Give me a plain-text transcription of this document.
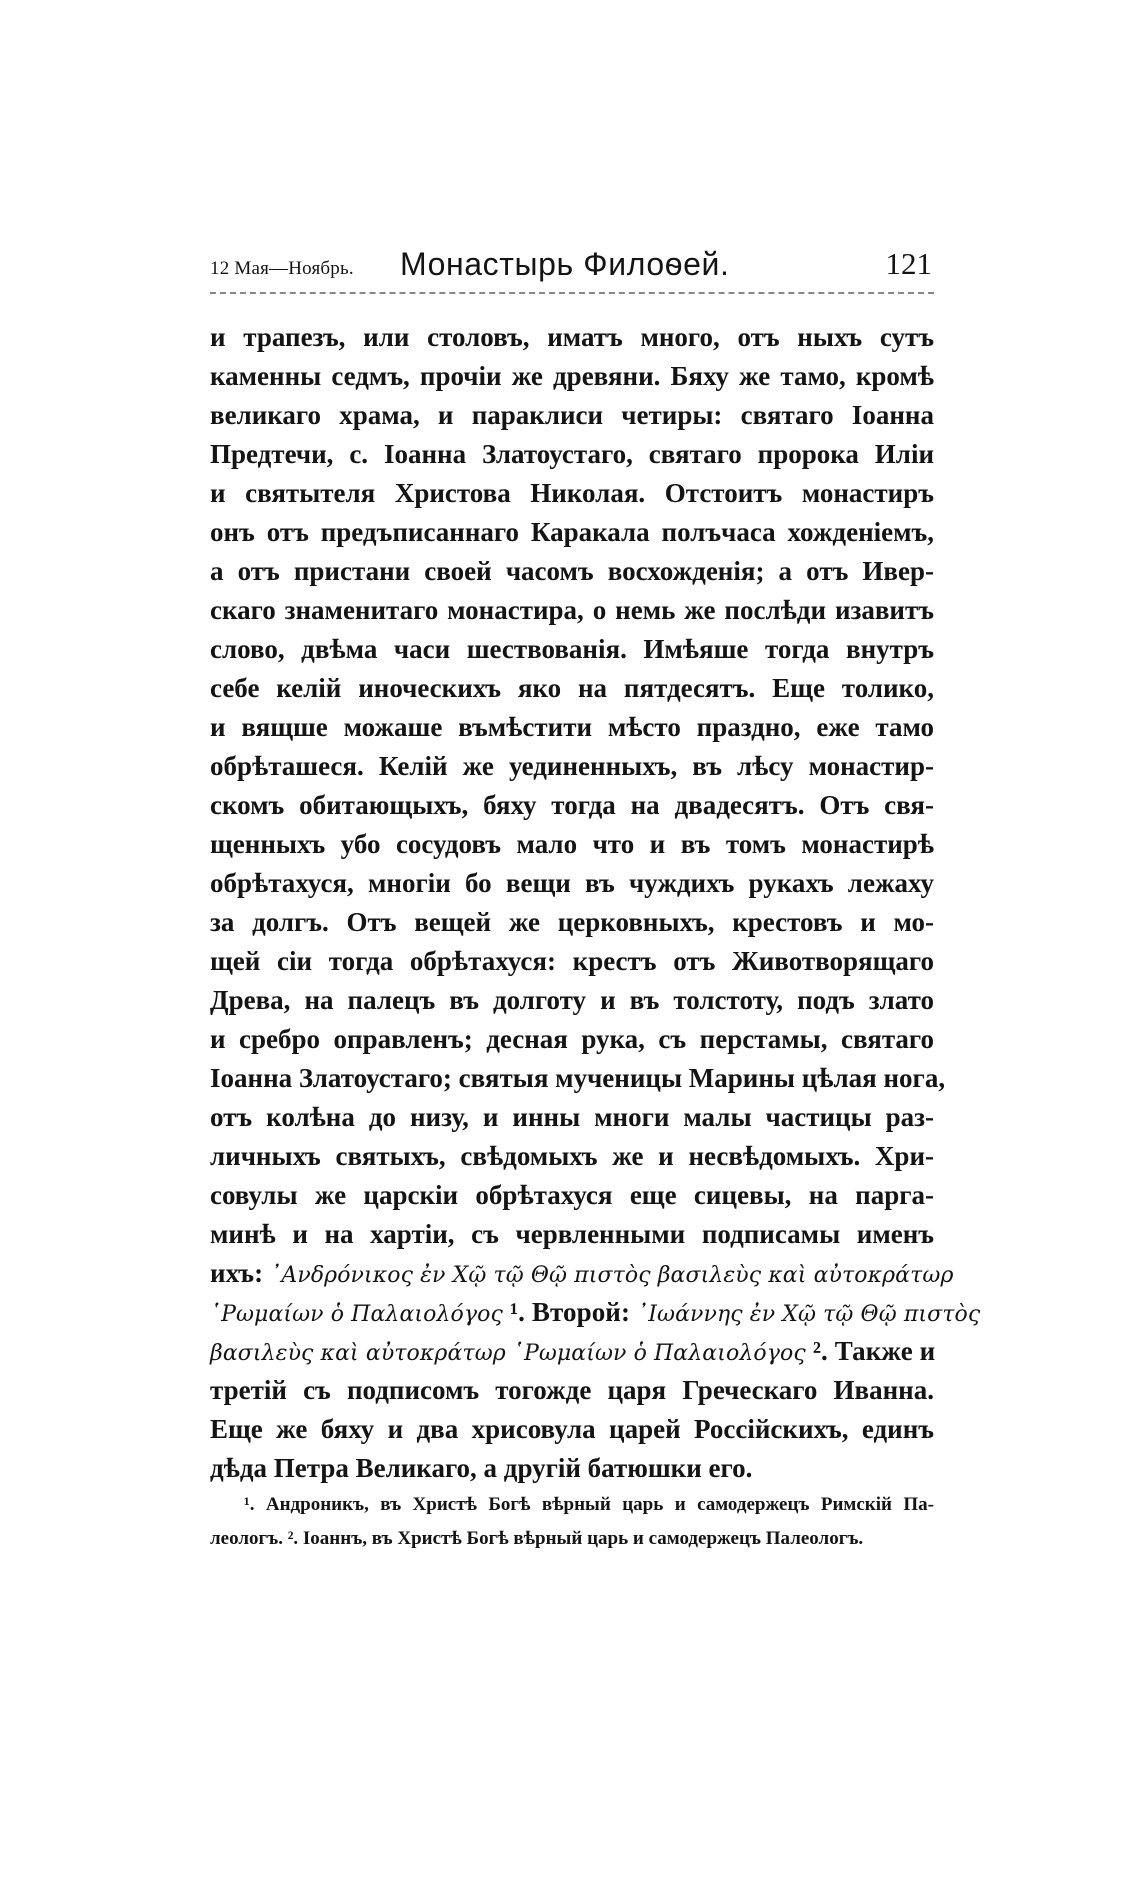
12 Мая—Ноябрь. Монастырь Филоѳей.	121
и трапезъ, или столовъ, иматъ много, отъ ныхъ сутъ
каменны седмъ, прочiи же древяни. Бяху же тамо, кромѣ
великаго храма, и параклиси четиры: святаго Iоанна
Предтечи, с. Iоанна Златоустаго, святаго пророка Илiи
и святытеля Христова Николая. Отстоитъ монастиръ
онъ отъ предъписаннаго Каракала полъчаса хожденiемъ,
а отъ пристани своей часомъ восхожденiя; а отъ Ивер-
скаго знаменитаго монастира, о немь же послѣди изавитъ
слово, двѣма часи шествованiя. Имѣяше тогда внутръ
себе келiй иноческихъ яко на пятдесятъ. Еще толико,
и вящше можаше въмѣстити мѣсто праздно, еже тамо
обрѣташеся. Келiй же уединенныхъ, въ лѣсу монастир-
скомъ обитающыхъ, бяху тогда на двадесятъ. Отъ свя-
щенныхъ убо сосудовъ мало что и въ томъ монастирѣ
обрѣтахуся, многiи бо вещи въ чуждихъ рукахъ лежаху
за долгъ. Отъ вещей же церковныхъ, крестовъ и мо-
щей сiи тогда обрѣтахуся: крестъ отъ Животворящаго
Древа, на палецъ въ долготу и въ толстоту, подъ злато
и сребро оправленъ; десная рука, съ перстамы, святаго
Iоанна Златоустаго; святыя мученицы Марины цѣлая нога,
отъ колѣна до низу, и инны многи малы частицы раз-
личныхъ святыхъ, свѣдомыхъ же и несвѣдомыхъ. Хри-
совулы же царскiи обрѣтахуся еще сицевы, на парга-
минѣ и на хартiи, съ червленными подписамы именъ
ихъ: ᾿Ανδρόνικος ἐν Χῷ τῷ Θῷ πιστὸς βασιλεὺς καὶ αὐτοκράτωρ
῾Ρωμαίων ὁ Παλαιολόγος ¹. Второй: ᾿Ιωάννης ἐν Χῷ τῷ Θῷ πιστὸς
βασιλεὺς καὶ αὐτοκράτωρ ῾Ρωμαίων ὁ Παλαιολόγος ². Также и
третiй съ подписомъ тогожде царя Греческаго Иванна.
Еще же бяху и два хрисовула царей Россiйскихъ, единъ
дѣда Петра Великаго, а другiй батюшки его.
¹. Андроникъ, въ Христѣ Богѣ вѣрный царь и самодержецъ Римскiй Па-
леологъ. ². Iоаннъ, въ Христѣ Богѣ вѣрный царь и самодержецъ Палеологъ.
